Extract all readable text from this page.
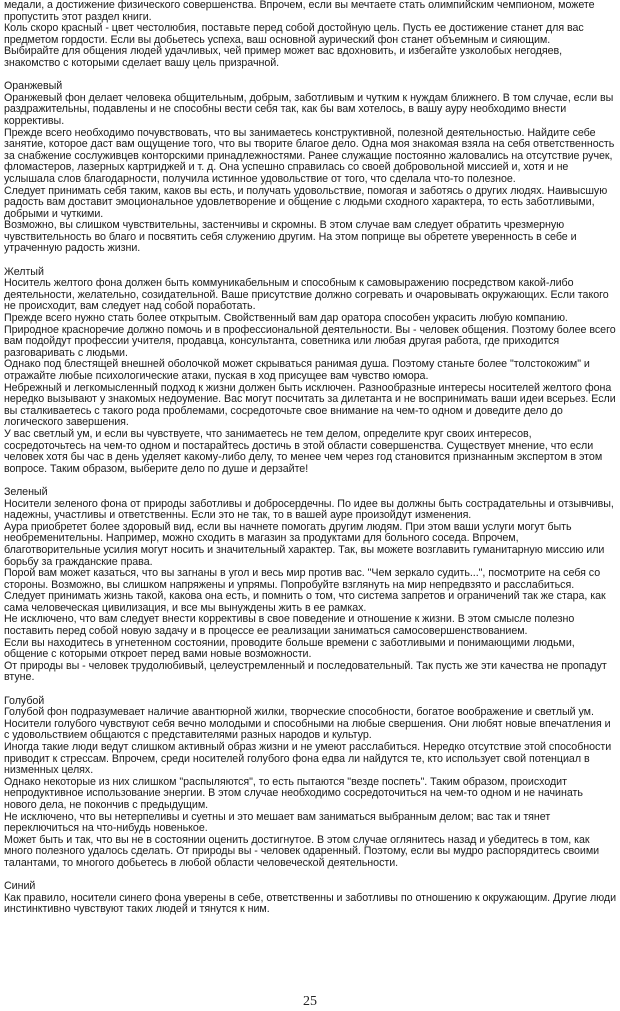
медали, а достижение физического совершенства. Впрочем, если вы мечтаете стать олимпийским чемпионом, можете пропустить этот раздел книги.

Коль скоро красный - цвет честолюбия, поставьте перед собой достойную цель. Пусть ее достижение станет для вас предметом гордости. Если вы добьетесь успеха, ваш основной аурический фон станет объемным и сияющим.

Выбирайте для общения людей удачливых, чей пример может вас вдохновить, и избегайте узколобых негодяев, знакомство с которыми сделает вашу цель призрачной.

Оранжевый

Оранжевый фон делает человека общительным, добрым, заботливым и чутким к нуждам ближнего. В том случае, если вы раздражительны, подавлены и не способны вести себя так, как бы вам хотелось, в вашу ауру необходимо внести коррективы.

Прежде всего необходимо почувствовать, что вы занимаетесь конструктивной, полезной деятельностью. Найдите себе занятие, которое даст вам ощущение того, что вы творите благое дело. Одна моя знакомая взяла на себя ответственность за снабжение сослуживцев конторскими принадлежностями. Ранее служащие постоянно жаловались на отсутствие ручек, фломастеров, лазерных картриджей и т. д. Она успешно справилась со своей добровольной миссией и, хотя и не услышала слов благодарности, получила истинное удовольствие от того, что сделала что-то полезное.

Следует принимать себя таким, каков вы есть, и получать удовольствие, помогая и заботясь о других людях. Наивысшую радость вам доставит эмоциональное удовлетворение и общение с людьми сходного характера, то есть заботливыми, добрыми и чуткими.

Возможно, вы слишком чувствительны, застенчивы и скромны. В этом случае вам следует обратить чрезмерную чувствительность во благо и посвятить себя служению другим. На этом поприще вы обретете уверенность в себе и утраченную радость жизни.

Желтый

Носитель желтого фона должен быть коммуникабельным и способным к самовыражению посредством какой-либо деятельности, желательно, созидательной. Ваше присутствие должно согревать и очаровывать окружающих. Если такого не происходит, вам следует над собой поработать.

Прежде всего нужно стать более открытым. Свойственный вам дар оратора способен украсить любую компанию.

Природное красноречие должно помочь и в профессиональной деятельности. Вы - человек общения. Поэтому более всего вам подойдут профессии учителя, продавца, консультанта, советника или любая другая работа, где приходится разговаривать с людьми.

Однако под блестящей внешней оболочкой может скрываться ранимая душа. Поэтому станьте более "толстокожим" и отражайте любые психологические атаки, пуская в ход присущее вам чувство юмора.

Небрежный и легкомысленный подход к жизни должен быть исключен. Разнообразные интересы носителей желтого фона нередко вызывают у знакомых недоумение. Вас могут посчитать за дилетанта и не воспринимать ваши идеи всерьез. Если вы сталкиваетесь с такого рода проблемами, сосредоточьте свое внимание на чем-то одном и доведите дело до логического завершения.

У вас светлый ум, и если вы чувствуете, что занимаетесь не тем делом, определите круг своих интересов, сосредоточьтесь на чем-то одном и постарайтесь достичь в этой области совершенства. Существует мнение, что если человек хотя бы час в день уделяет какому-либо делу, то менее чем через год становится признанным экспертом в этом вопросе. Таким образом, выберите дело по душе и дерзайте!

Зеленый

Носители зеленого фона от природы заботливы и добросердечны. По идее вы должны быть сострадательны и отзывчивы, надежны, участливы и ответственны. Если это не так, то в вашей ауре произойдут изменения.

Аура приобретет более здоровый вид, если вы начнете помогать другим людям. При этом ваши услуги могут быть необременительны. Например, можно сходить в магазин за продуктами для больного соседа. Впрочем, благотворительные усилия могут носить и значительный характер. Так, вы можете возглавить гуманитарную миссию или борьбу за гражданские права.

Порой вам может казаться, что вы загнаны в угол и весь мир против вас. "Чем зеркало судить...", посмотрите на себя со стороны. Возможно, вы слишком напряжены и упрямы. Попробуйте взглянуть на мир непредвзято и расслабиться. Следует принимать жизнь такой, какова она есть, и помнить о том, что система запретов и ограничений так же стара, как сама человеческая цивилизация, и все мы вынуждены жить в ее рамках.

Не исключено, что вам следует внести коррективы в свое поведение и отношение к жизни. В этом смысле полезно поставить перед собой новую задачу и в процессе ее реализации заниматься самосовершенствованием.

Если вы находитесь в угнетенном состоянии, проводите больше времени с заботливыми и понимающими людьми, общение с которыми откроет перед вами новые возможности.

От природы вы - человек трудолюбивый, целеустремленный и последовательный. Так пусть же эти качества не пропадут втуне.

Голубой

Голубой фон подразумевает наличие авантюрной жилки, творческие способности, богатое воображение и светлый ум.

Носители голубого чувствуют себя вечно молодыми и способными на любые свершения. Они любят новые впечатления и с удовольствием общаются с представителями разных народов и культур.

Иногда такие люди ведут слишком активный образ жизни и не умеют расслабиться. Нередко отсутствие этой способности приводит к стрессам. Впрочем, среди носителей голубого фона едва ли найдутся те, кто использует свой потенциал в низменных целях.

Однако некоторые из них слишком "распыляются", то есть пытаются "везде поспеть". Таким образом, происходит непродуктивное использование энергии. В этом случае необходимо сосредоточиться на чем-то одном и не начинать нового дела, не покончив с предыдущим.

Не исключено, что вы нетерпеливы и суетны и это мешает вам заниматься выбранным делом; вас так и тянет переключиться на что-нибудь новенькое.

Может быть и так, что вы не в состоянии оценить достигнутое. В этом случае оглянитесь назад и убедитесь в том, как много полезного удалось сделать. От природы вы - человек одаренный. Поэтому, если вы мудро распорядитесь своими талантами, то многого добьетесь в любой области человеческой деятельности.

Синий

Как правило, носители синего фона уверены в себе, ответственны и заботливы по отношению к окружающим. Другие люди инстинктивно чувствуют таких людей и тянутся к ним.

25
